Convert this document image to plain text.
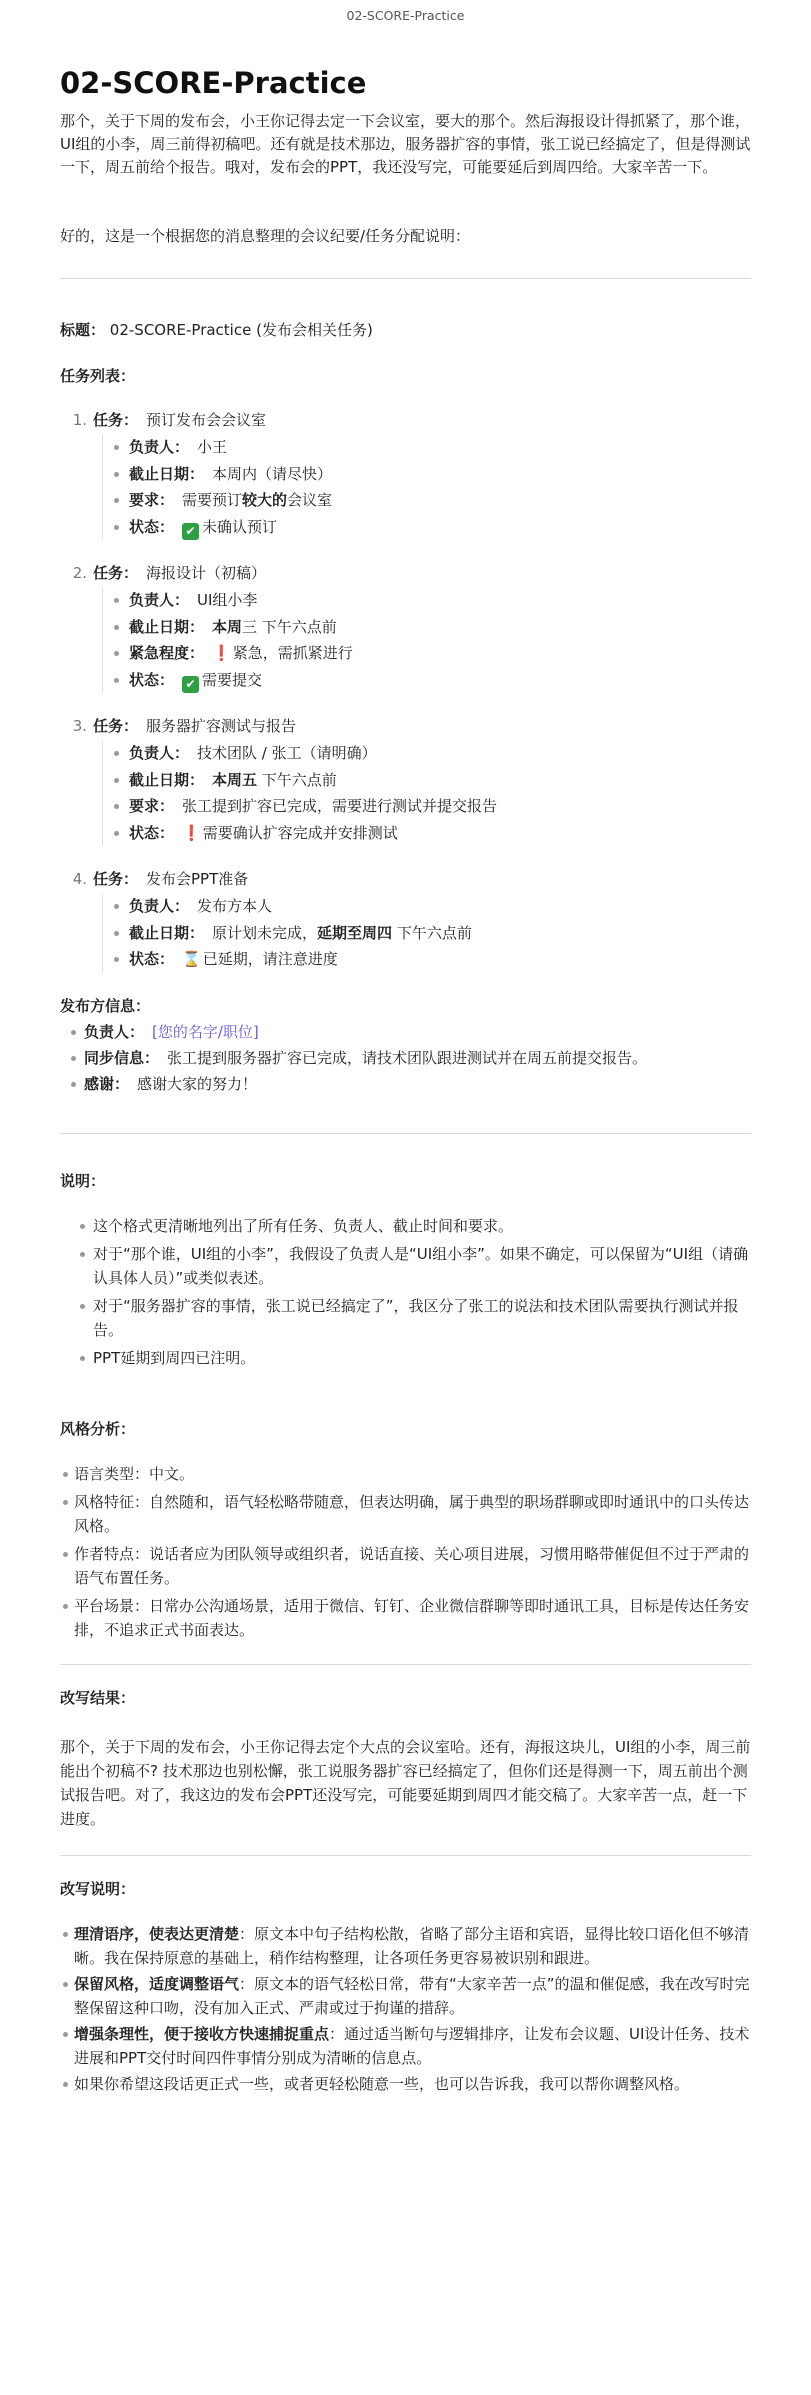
02-SCORE-Practice
02-SCORE-Practice

那个，关于下周的发布会，小王你记得去定一下会议室，要大的那个。然后海报设计得抓紧了，那个谁，UI组的小李，周三前得初稿吧。还有就是技术那边，服务器扩容的事情，张工说已经搞定了，但是得测试一下，周五前给个报告。哦对，发布会的PPT，我还没写完，可能要延后到周四给。大家辛苦一下。

好的，这是一个根据您的消息整理的会议纪要/任务分配说明：

标题： 02-SCORE-Practice (发布会相关任务)
任务列表：
1. 任务： 预订发布会会议室
负责人： 小王
截止日期： 本周内（请尽快）
要求： 需要预订较大的会议室
状态： ✔ 未确认预订
2. 任务： 海报设计（初稿）
负责人： UI组小李
截止日期： 本周三 下午六点前
紧急程度： ❗ 紧急，需抓紧进行
状态： ✔ 需要提交
3. 任务： 服务器扩容测试与报告
负责人： 技术团队 / 张工（请明确）
截止日期： 本周五 下午六点前
要求： 张工提到扩容已完成，需要进行测试并提交报告
状态： ❗ 需要确认扩容完成并安排测试
4. 任务： 发布会PPT准备
负责人： 发布方本人
截止日期： 原计划未完成，延期至周四 下午六点前
状态： ⌛ 已延期，请注意进度
发布方信息：
负责人： [您的名字/职位]
同步信息： 张工提到服务器扩容已完成，请技术团队跟进测试并在周五前提交报告。
感谢： 感谢大家的努力！
说明：
这个格式更清晰地列出了所有任务、负责人、截止时间和要求。
对于“那个谁，UI组的小李”，我假设了负责人是“UI组小李”。如果不确定，可以保留为“UI组（请确认具体人员）”或类似表述。
对于“服务器扩容的事情，张工说已经搞定了”，我区分了张工的说法和技术团队需要执行测试并报告。
PPT延期到周四已注明。
风格分析：
语言类型：中文。
风格特征：自然随和，语气轻松略带随意，但表达明确，属于典型的职场群聊或即时通讯中的口头传达风格。
作者特点：说话者应为团队领导或组织者，说话直接、关心项目进展，习惯用略带催促但不过于严肃的语气布置任务。
平台场景：日常办公沟通场景，适用于微信、钉钉、企业微信群聊等即时通讯工具，目标是传达任务安排，不追求正式书面表达。
改写结果：

那个，关于下周的发布会，小王你记得去定个大点的会议室哈。还有，海报这块儿，UI组的小李，周三前能出个初稿不? 技术那边也别松懈，张工说服务器扩容已经搞定了，但你们还是得测一下，周五前出个测试报告吧。对了，我这边的发布会PPT还没写完，可能要延期到周四才能交稿了。大家辛苦一点，赶一下进度。

改写说明：
理清语序，使表达更清楚：原文本中句子结构松散，省略了部分主语和宾语，显得比较口语化但不够清晰。我在保持原意的基础上，稍作结构整理，让各项任务更容易被识别和跟进。
保留风格，适度调整语气：原文本的语气轻松日常，带有“大家辛苦一点”的温和催促感，我在改写时完整保留这种口吻，没有加入正式、严肃或过于拘谨的措辞。
增强条理性，便于接收方快速捕捉重点：通过适当断句与逻辑排序，让发布会议题、UI设计任务、技术进展和PPT交付时间四件事情分别成为清晰的信息点。
如果你希望这段话更正式一些，或者更轻松随意一些，也可以告诉我，我可以帮你调整风格。
